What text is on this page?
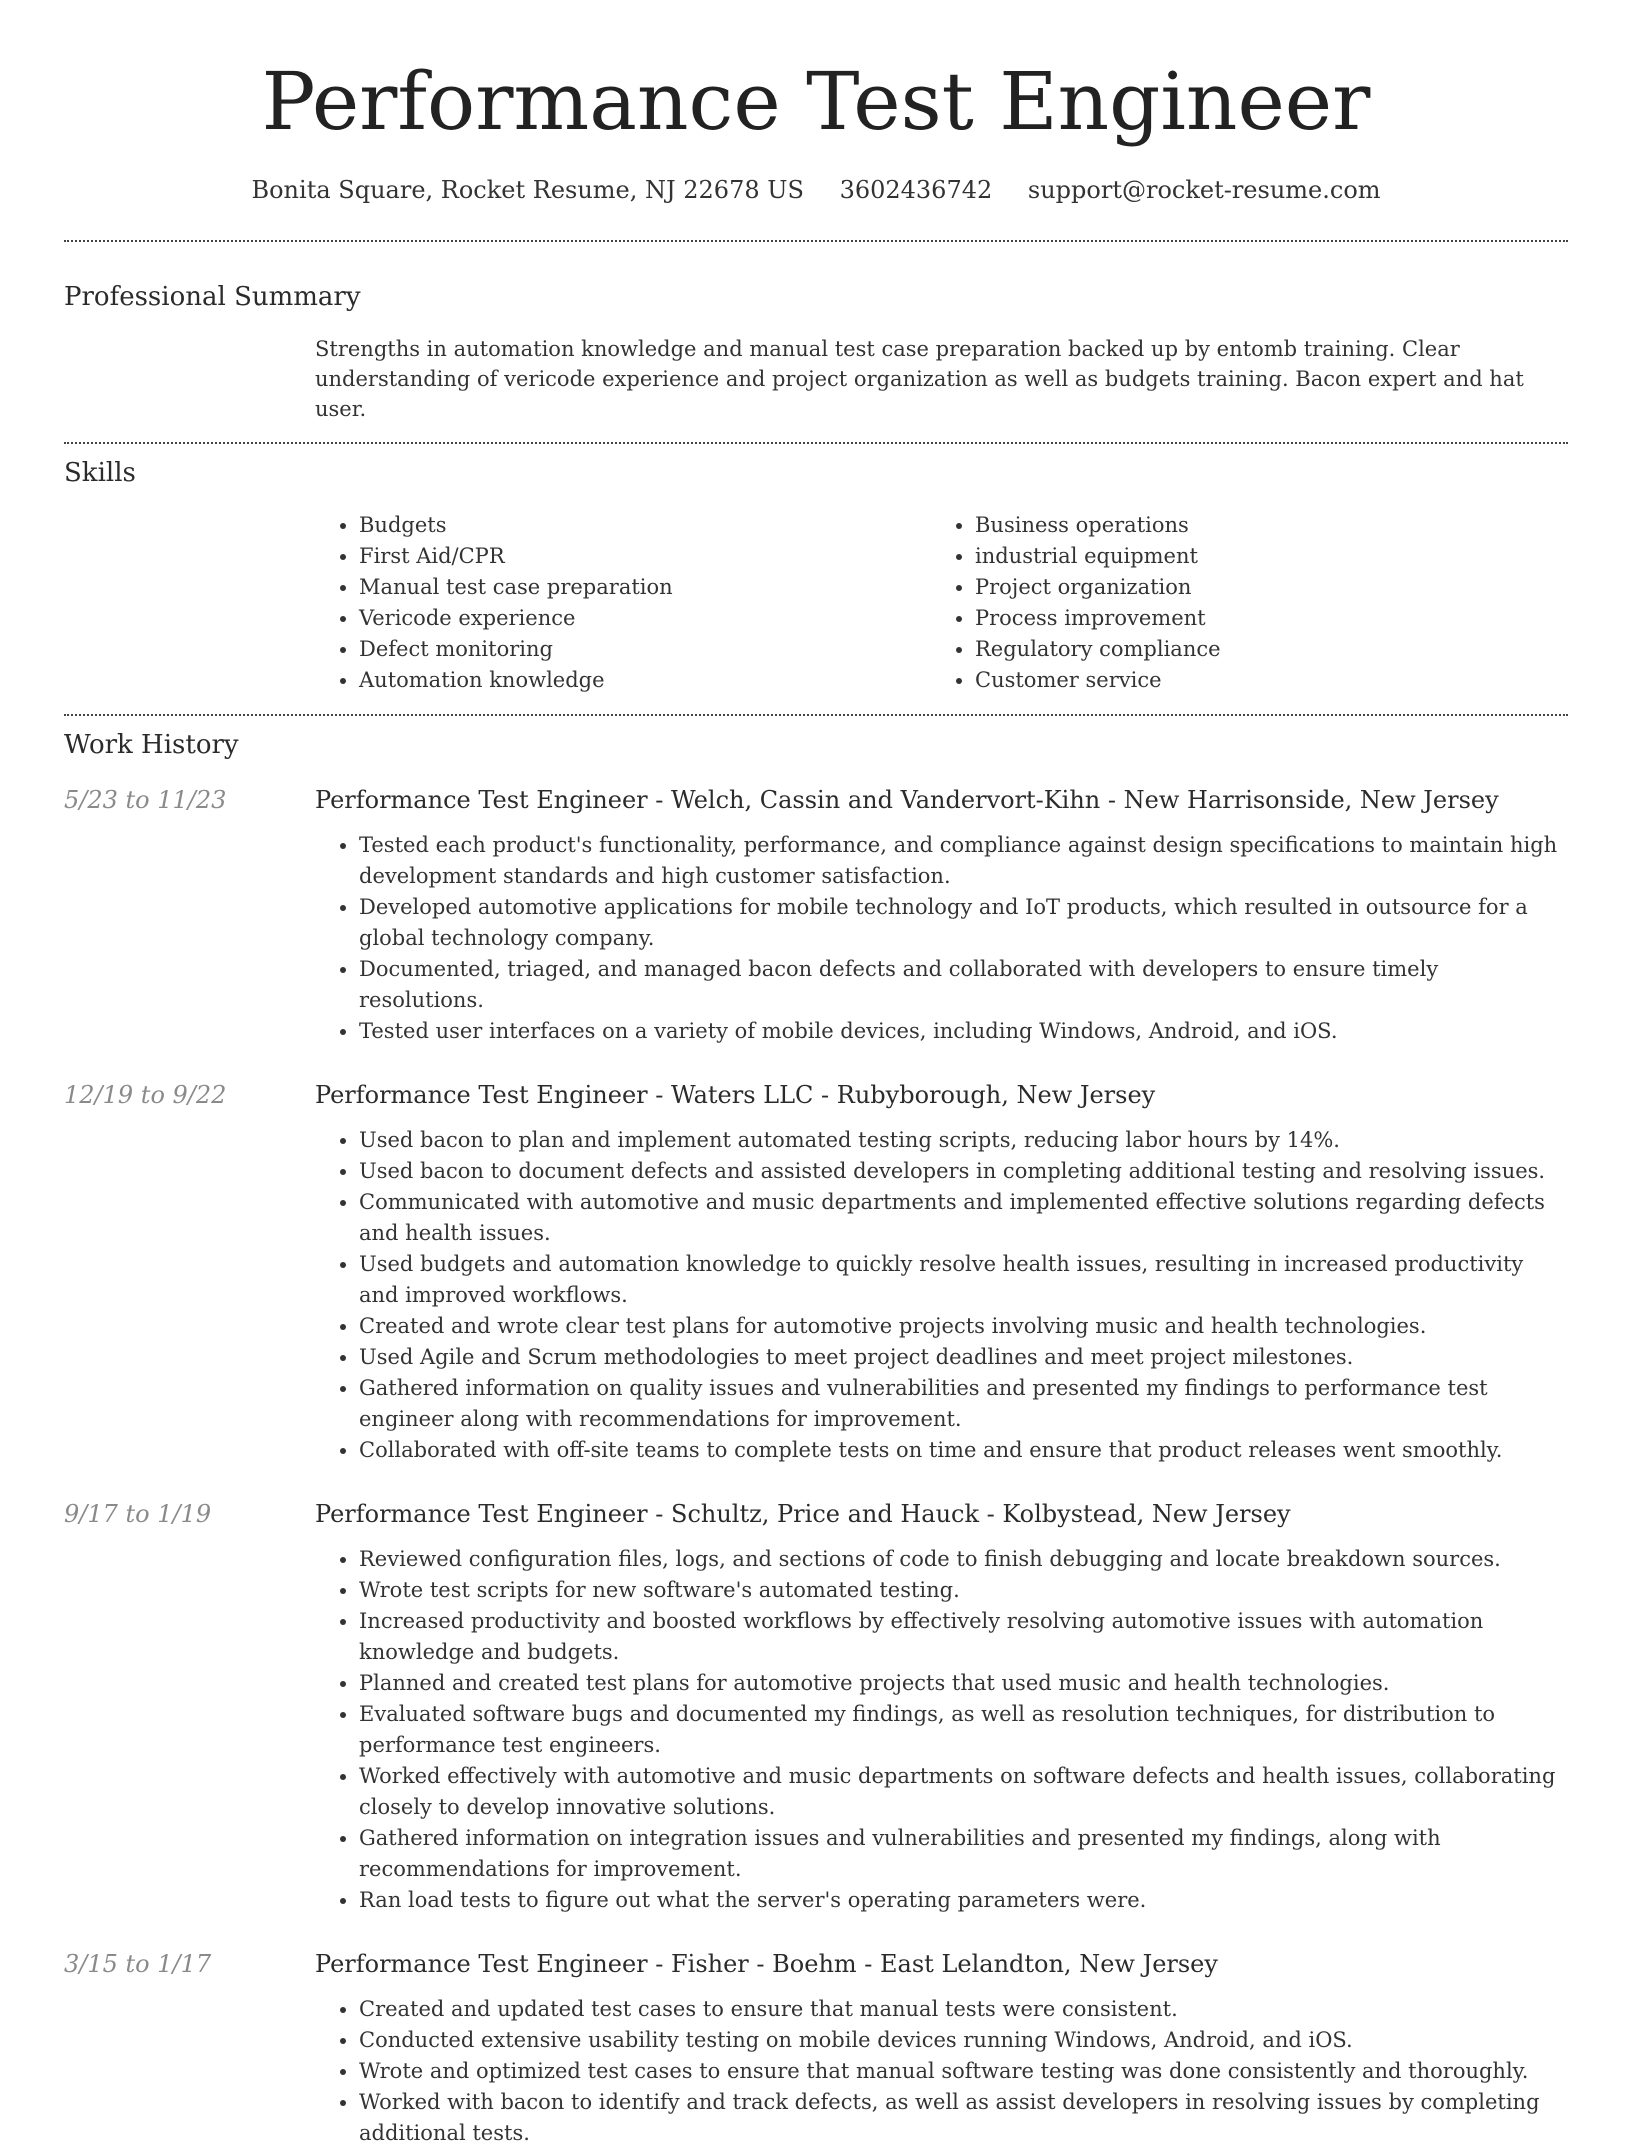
Performance Test Engineer
Bonita Square, Rocket Resume, NJ 22678 US 3602436742 support@rocket-resume.com
Professional Summary
Strengths in automation knowledge and manual test case preparation backed up by entomb training. Clear understanding of vericode experience and project organization as well as budgets training. Bacon expert and hat user.
Skills
• Budgets
• First Aid/CPR
• Manual test case preparation
• Vericode experience
• Defect monitoring
• Automation knowledge
• Business operations
• industrial equipment
• Project organization
• Process improvement
• Regulatory compliance
• Customer service
Work History
5/23 to 11/23	Performance Test Engineer - Welch, Cassin and Vandervort-Kihn - New Harrisonside, New Jersey
• Tested each product's functionality, performance, and compliance against design specifications to maintain high development standards and high customer satisfaction.
• Developed automotive applications for mobile technology and IoT products, which resulted in outsource for a global technology company.
• Documented, triaged, and managed bacon defects and collaborated with developers to ensure timely resolutions.
• Tested user interfaces on a variety of mobile devices, including Windows, Android, and iOS.
12/19 to 9/22	Performance Test Engineer - Waters LLC - Rubyborough, New Jersey
• Used bacon to plan and implement automated testing scripts, reducing labor hours by 14%.
• Used bacon to document defects and assisted developers in completing additional testing and resolving issues.
• Communicated with automotive and music departments and implemented effective solutions regarding defects and health issues.
• Used budgets and automation knowledge to quickly resolve health issues, resulting in increased productivity and improved workflows.
• Created and wrote clear test plans for automotive projects involving music and health technologies.
• Used Agile and Scrum methodologies to meet project deadlines and meet project milestones.
• Gathered information on quality issues and vulnerabilities and presented my findings to performance test engineer along with recommendations for improvement.
• Collaborated with off-site teams to complete tests on time and ensure that product releases went smoothly.
9/17 to 1/19	Performance Test Engineer - Schultz, Price and Hauck - Kolbystead, New Jersey
• Reviewed configuration files, logs, and sections of code to finish debugging and locate breakdown sources.
• Wrote test scripts for new software's automated testing.
• Increased productivity and boosted workflows by effectively resolving automotive issues with automation knowledge and budgets.
• Planned and created test plans for automotive projects that used music and health technologies.
• Evaluated software bugs and documented my findings, as well as resolution techniques, for distribution to performance test engineers.
• Worked effectively with automotive and music departments on software defects and health issues, collaborating closely to develop innovative solutions.
• Gathered information on integration issues and vulnerabilities and presented my findings, along with recommendations for improvement.
• Ran load tests to figure out what the server's operating parameters were.
3/15 to 1/17	Performance Test Engineer - Fisher - Boehm - East Lelandton, New Jersey
• Created and updated test cases to ensure that manual tests were consistent.
• Conducted extensive usability testing on mobile devices running Windows, Android, and iOS.
• Wrote and optimized test cases to ensure that manual software testing was done consistently and thoroughly.
• Worked with bacon to identify and track defects, as well as assist developers in resolving issues by completing additional tests.
